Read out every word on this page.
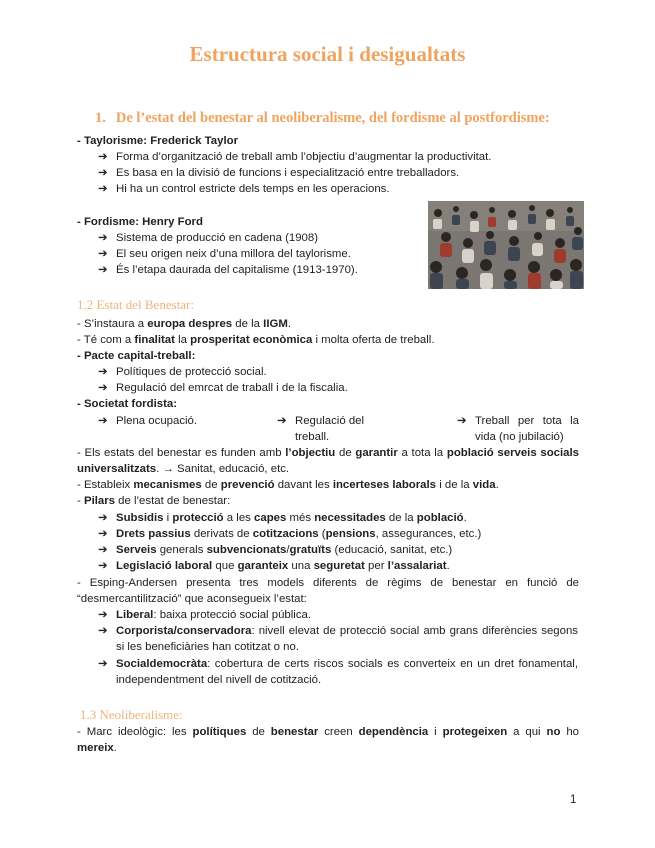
Estructura social i desigualtats
1. De l’estat del benestar al neoliberalisme, del fordisme al postfordisme:
- Taylorisme: Frederick Taylor
➔ Forma d’organització de treball amb l’objectiu d’augmentar la productivitat.
➔ Es basa en la divisió de funcions i especialització entre treballadors.
➔ Hi ha un control estricte dels temps en les operacions.
- Fordisme: Henry Ford
➔ Sistema de producció en cadena (1908)
➔ El seu origen neix d’una millora del taylorisme.
➔ És l’etapa daurada del capitalisme (1913-1970).
1.2 Estat del Benestar:
- S’instaura a europa despres de la IIGM.
- Té com a finalitat la prosperitat econòmica i molta oferta de treball.
- Pacte capital-treball:
➔ Polítiques de protecció social.
➔ Regulació del emrcat de traball i de la fiscalia.
- Societat fordista:
➔ Plena ocupació.	➔ Regulació del treball.
➔ Treball per tota la vida (no jubilació)
- Els estats del benestar es funden amb l’objectiu de garantir a tota la població serveis socials universalitzats. → Sanitat, educació, etc.
- Estableix mecanismes de prevenció davant les incerteses laborals i de la vida.
- Pilars de l’estat de benestar:
➔ Subsidis i protecció a les capes més necessitades de la població.
➔ Drets passius derivats de cotitzacions (pensions, assegurances, etc.)
➔ Serveis generals subvencionats/gratuïts (educació, sanitat, etc.)
➔ Legislació laboral que garanteix una seguretat per l’assalariat.
- Esping-Andersen presenta tres models diferents de règims de benestar en funció de “desmercantilització” que aconsegueix l’estat:
➔ Liberal: baixa protecció social pública.
➔ Corporista/conservadora: nivell elevat de protecció social amb grans diferències segons si les beneficiàries han cotitzat o no.
➔ Socialdemocràta: cobertura de certs riscos socials es converteix en un dret fonamental, independentment del nivell de cotització.
1.3 Neoliberalisme:
- Marc ideològic: les polítiques de benestar creen dependència i protegeixen a qui no ho mereix.
1
